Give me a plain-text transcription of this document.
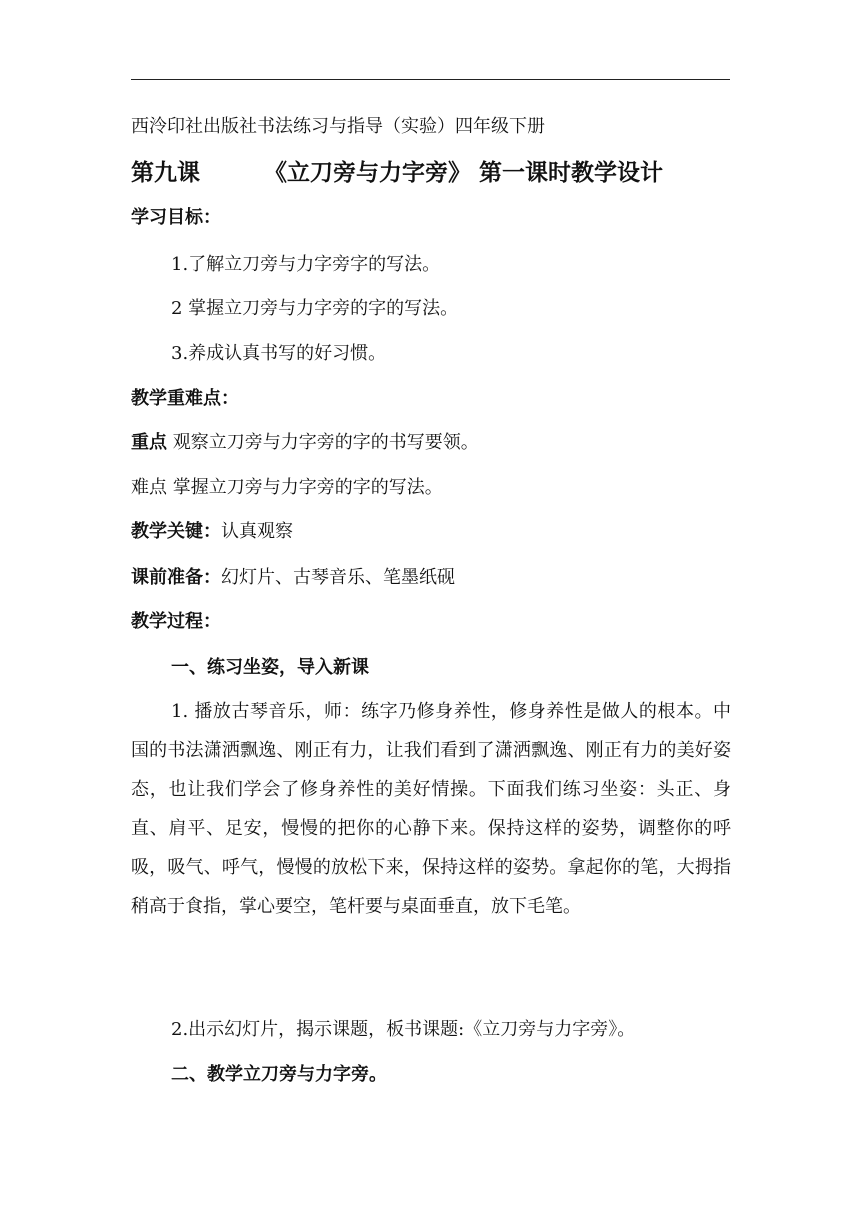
西泠印社出版社书法练习与指导（实验）四年级下册
第九课	《立刀旁与力字旁》 第一课时教学设计
学习目标：
1.了解立刀旁与力字旁字的写法。
2 掌握立刀旁与力字旁的字的写法。
3.养成认真书写的好习惯。
教学重难点：
重点 观察立刀旁与力字旁的字的书写要领。
难点 掌握立刀旁与力字旁的字的写法。
教学关键：认真观察
课前准备：幻灯片、古琴音乐、笔墨纸砚
教学过程：
一、练习坐姿，导入新课

1. 播放古琴音乐，师：练字乃修身养性，修身养性是做人的根本。中国的书法潇洒飘逸、刚正有力，让我们看到了潇洒飘逸、刚正有力的美好姿态，也让我们学会了修身养性的美好情操。下面我们练习坐姿：头正、身直、肩平、足安，慢慢的把你的心静下来。保持这样的姿势，调整你的呼吸，吸气、呼气，慢慢的放松下来，保持这样的姿势。拿起你的笔，大拇指稍高于食指，掌心要空，笔杆要与桌面垂直，放下毛笔。

2.出示幻灯片，揭示课题，板书课题:《立刀旁与力字旁》。
二、教学立刀旁与力字旁。
